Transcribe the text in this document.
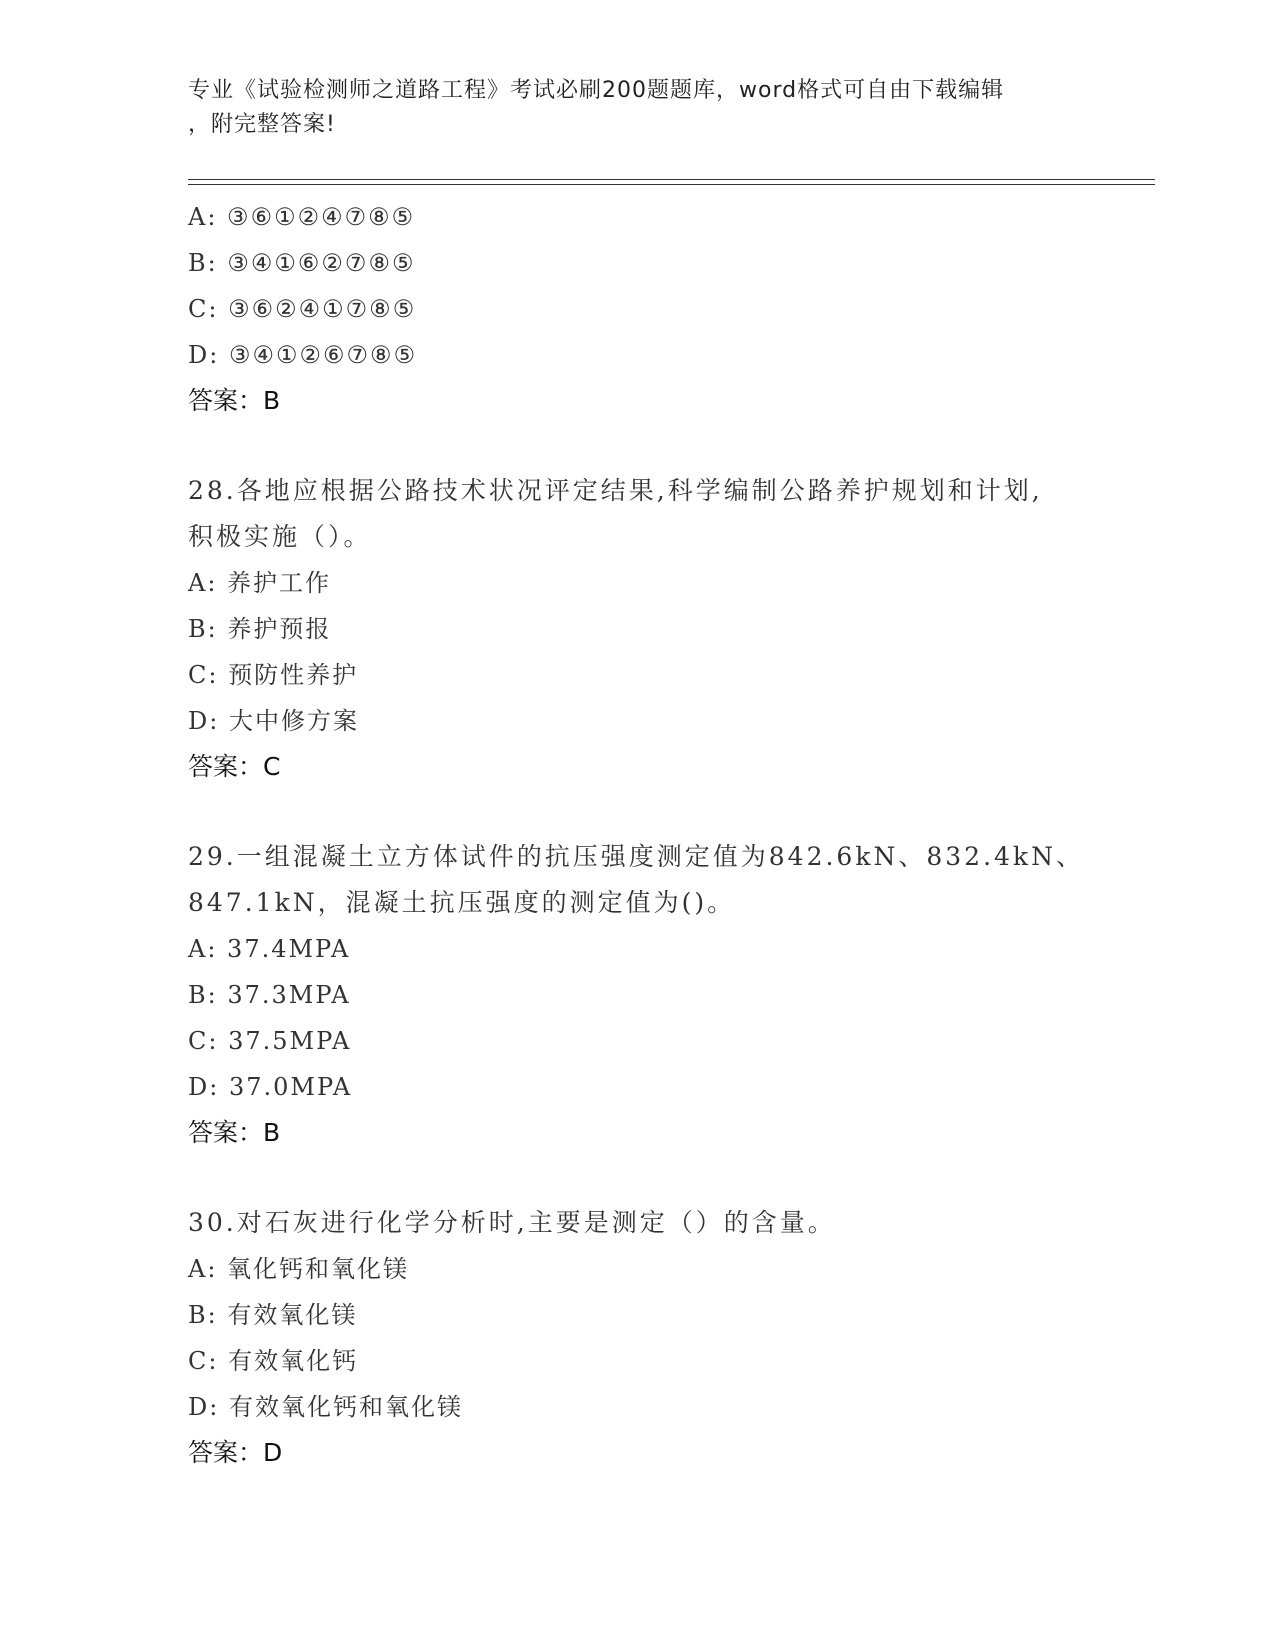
专业《试验检测师之道路工程》考试必刷200题题库，word格式可自由下载编辑
，附完整答案!
A: ③⑥①②④⑦⑧⑤
B: ③④①⑥②⑦⑧⑤
C: ③⑥②④①⑦⑧⑤
D: ③④①②⑥⑦⑧⑤
答案：B
28.各地应根据公路技术状况评定结果,科学编制公路养护规划和计划,
积极实施（）。
A: 养护工作
B: 养护预报
C: 预防性养护
D: 大中修方案
答案：C
29.一组混凝土立方体试件的抗压强度测定值为842.6kN、832.4kN、
847.1kN，混凝土抗压强度的测定值为()。
A: 37.4MPA
B: 37.3MPA
C: 37.5MPA
D: 37.0MPA
答案：B
30.对石灰进行化学分析时,主要是测定（）的含量。
A: 氧化钙和氧化镁
B: 有效氧化镁
C: 有效氧化钙
D: 有效氧化钙和氧化镁
答案：D
